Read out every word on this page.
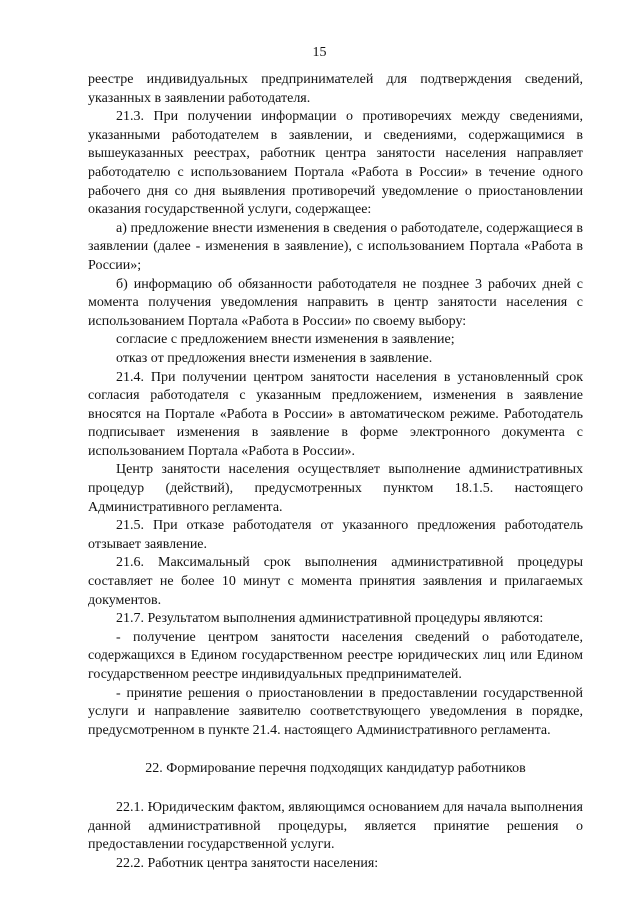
15

реестре индивидуальных предпринимателей для подтверждения сведений, указанных в заявлении работодателя.

21.3. При получении информации о противоречиях между сведениями, указанными работодателем в заявлении, и сведениями, содержащимися в вышеуказанных реестрах, работник центра занятости населения направляет работодателю с использованием Портала «Работа в России» в течение одного рабочего дня со дня выявления противоречий уведомление о приостановлении оказания государственной услуги, содержащее:

а) предложение внести изменения в сведения о работодателе, содержащиеся в заявлении (далее - изменения в заявление), с использованием Портала «Работа в России»;

б) информацию об обязанности работодателя не позднее 3 рабочих дней с момента получения уведомления направить в центр занятости населения с использованием Портала «Работа в России» по своему выбору:

согласие с предложением внести изменения в заявление;

отказ от предложения внести изменения в заявление.

21.4. При получении центром занятости населения в установленный срок согласия работодателя с указанным предложением, изменения в заявление вносятся на Портале «Работа в России» в автоматическом режиме. Работодатель подписывает изменения в заявление в форме электронного документа с использованием Портала «Работа в России».

Центр занятости населения осуществляет выполнение административных процедур (действий), предусмотренных пунктом 18.1.5. настоящего Административного регламента.

21.5. При отказе работодателя от указанного предложения работодатель отзывает заявление.

21.6. Максимальный срок выполнения административной процедуры составляет не более 10 минут с момента принятия заявления и прилагаемых документов.

21.7. Результатом выполнения административной процедуры являются:

- получение центром занятости населения сведений о работодателе, содержащихся в Едином государственном реестре юридических лиц или Едином государственном реестре индивидуальных предпринимателей.

- принятие решения о приостановлении в предоставлении государственной услуги и направление заявителю соответствующего уведомления в порядке, предусмотренном в пункте 21.4. настоящего Административного регламента.

22. Формирование перечня подходящих кандидатур работников

22.1. Юридическим фактом, являющимся основанием для начала выполнения данной административной процедуры, является принятие решения о предоставлении государственной услуги.

22.2. Работник центра занятости населения:
